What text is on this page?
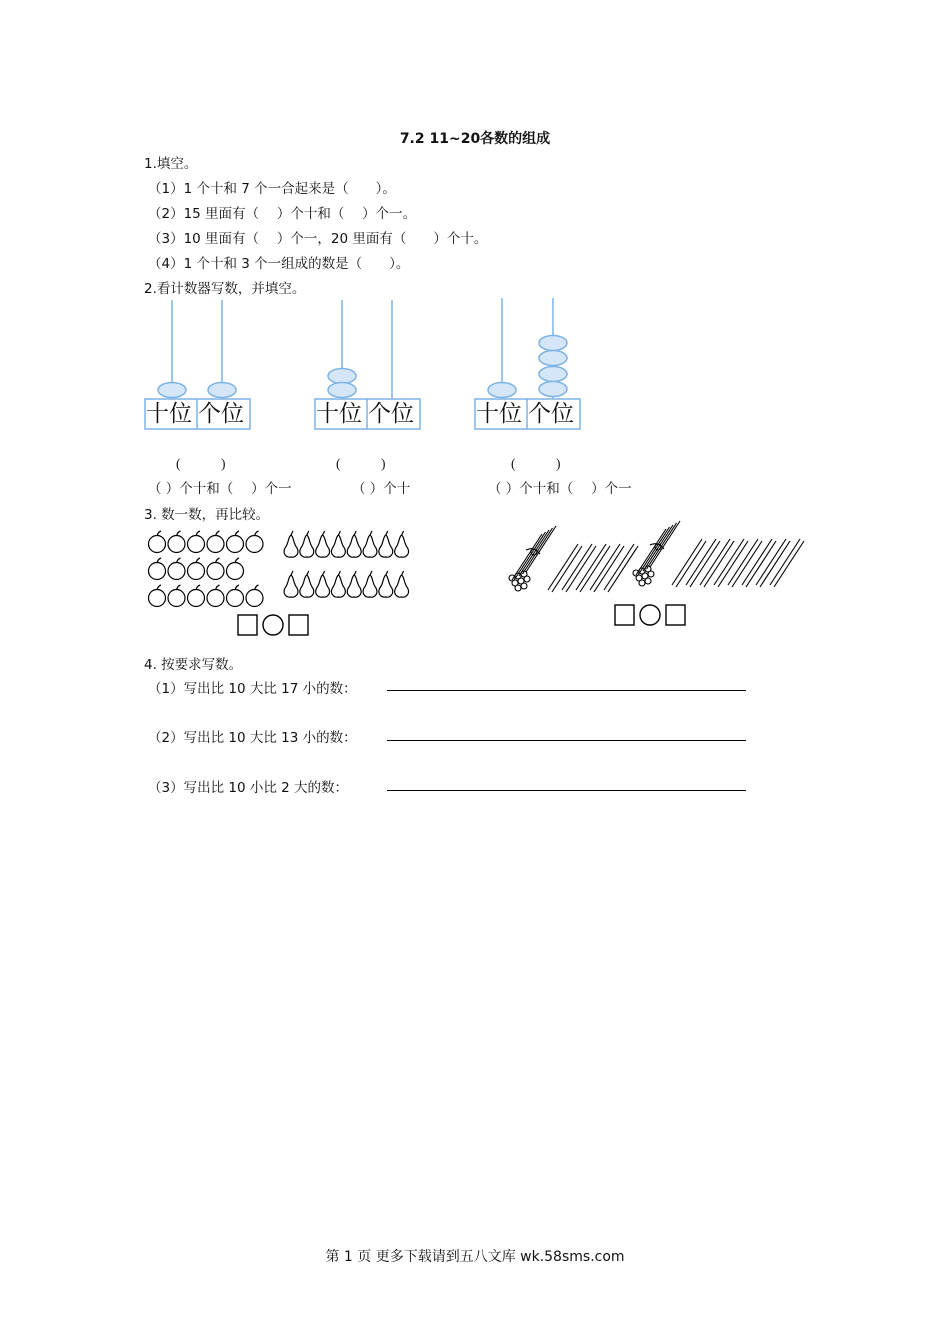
7.2 11~20各数的组成
1.填空。
（1）1 个十和 7 个一合起来是（　　）。
（2）15 里面有（　 ）个十和（　 ）个一。
（3）10 里面有（　 ）个一，20 里面有（　　）个十。
（4）1 个十和 3 个一组成的数是（　　）。
2.看计数器写数，并填空。
十位 个位	十位 个位	十位 个位
(　　　)	(　　　)	(　　　)
（ ）个十和（　 ）个一	（ ）个十	（ ）个十和（　 ）个一
3. 数一数，再比较。
4. 按要求写数。
（1）写出比 10 大比 17 小的数：
（2）写出比 10 大比 13 小的数：
（3）写出比 10 小比 2 大的数：
第 1 页 更多下载请到五八文库 wk.58sms.com
